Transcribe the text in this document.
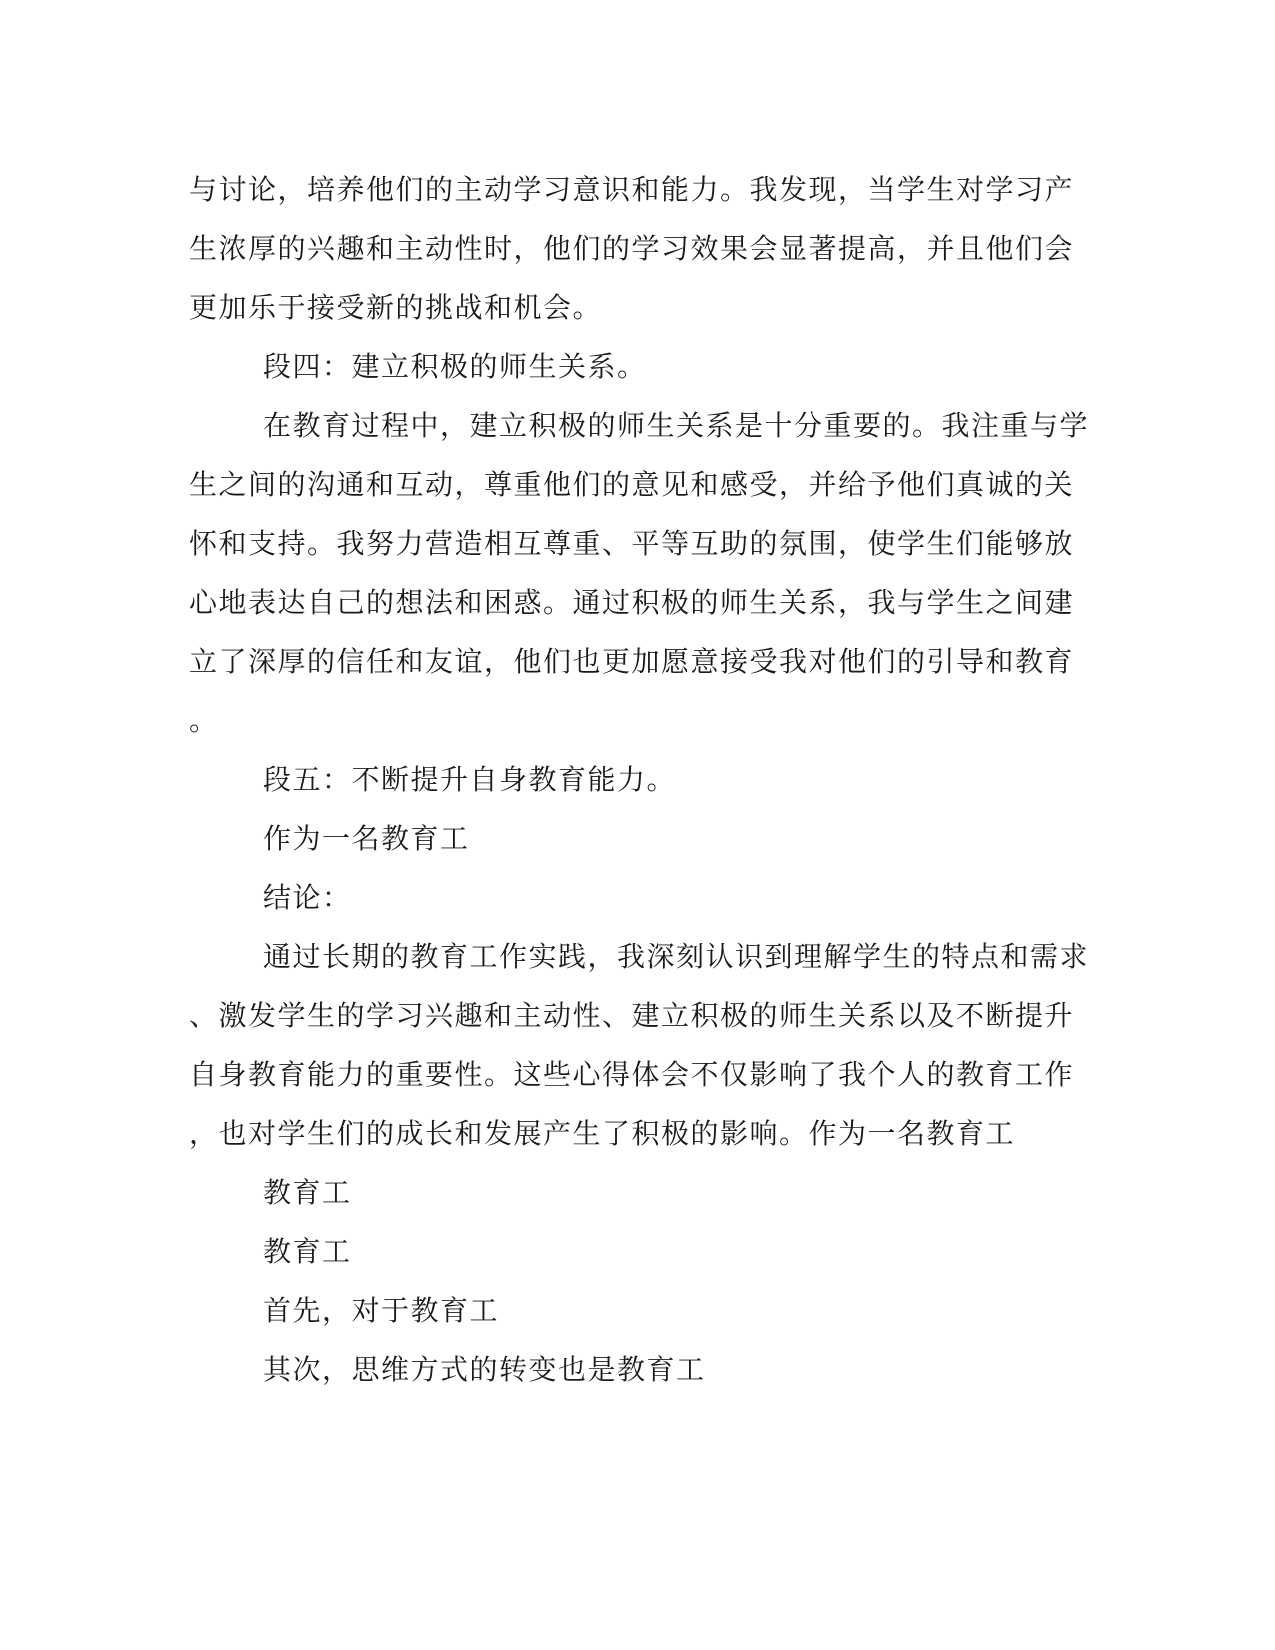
与讨论，培养他们的主动学习意识和能力。我发现，当学生对学习产
生浓厚的兴趣和主动性时，他们的学习效果会显著提高，并且他们会
更加乐于接受新的挑战和机会。
段四：建立积极的师生关系。
在教育过程中，建立积极的师生关系是十分重要的。我注重与学
生之间的沟通和互动，尊重他们的意见和感受，并给予他们真诚的关
怀和支持。我努力营造相互尊重、平等互助的氛围，使学生们能够放
心地表达自己的想法和困惑。通过积极的师生关系，我与学生之间建
立了深厚的信任和友谊，他们也更加愿意接受我对他们的引导和教育
。
段五：不断提升自身教育能力。
作为一名教育工
结论：
通过长期的教育工作实践，我深刻认识到理解学生的特点和需求
、激发学生的学习兴趣和主动性、建立积极的师生关系以及不断提升
自身教育能力的重要性。这些心得体会不仅影响了我个人的教育工作
，也对学生们的成长和发展产生了积极的影响。作为一名教育工
教育工
教育工
首先，对于教育工
其次，思维方式的转变也是教育工
